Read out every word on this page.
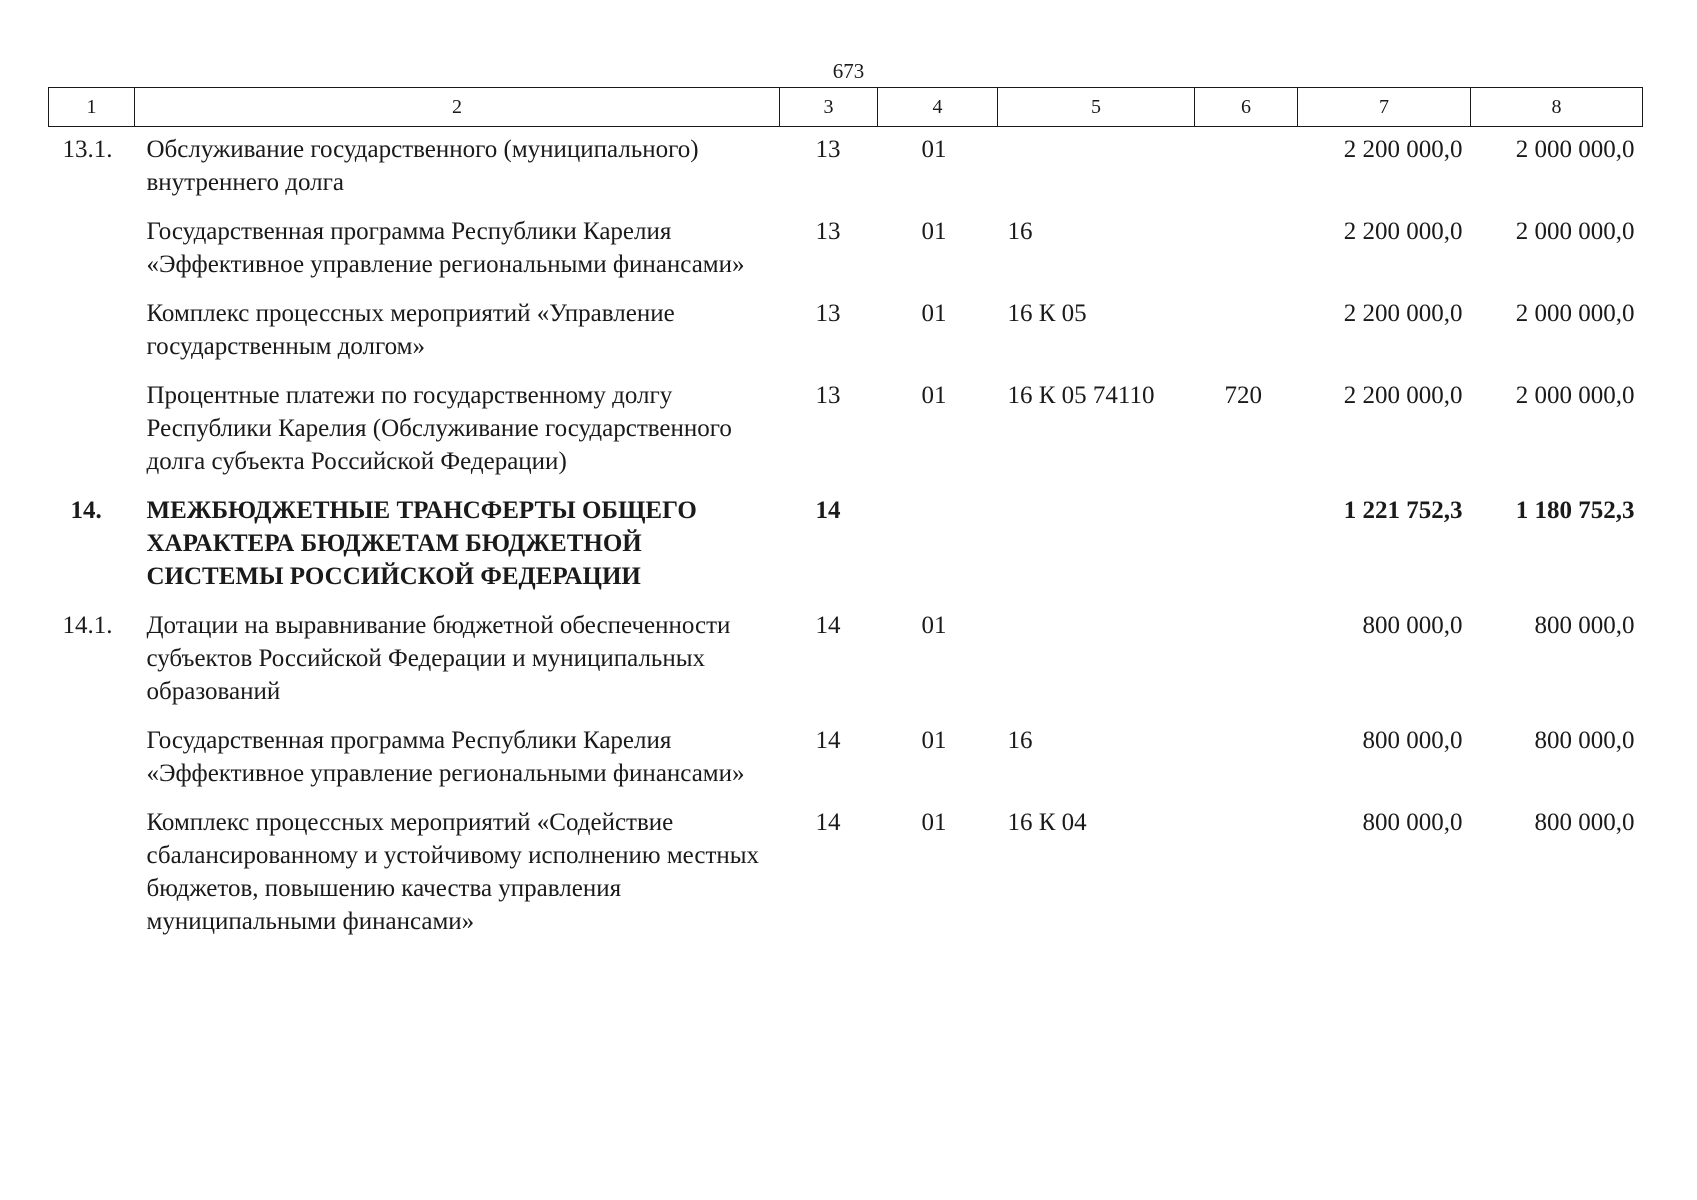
673
1	2	3	4	5	6	7	8
13.1.	Обслуживание государственного (муниципального) внутреннего долга	13	01			2 200 000,0	2 000 000,0
	Государственная программа Республики Карелия «Эффективное управление региональными финансами»	13	01	16		2 200 000,0	2 000 000,0
	Комплекс процессных мероприятий «Управление государственным долгом»	13	01	16 К 05		2 200 000,0	2 000 000,0
	Процентные платежи по государственному долгу Республики Карелия (Обслуживание государственного долга субъекта Российской Федерации)	13	01	16 К 05 74110	720	2 200 000,0	2 000 000,0
14.	МЕЖБЮДЖЕТНЫЕ ТРАНСФЕРТЫ ОБЩЕГО ХАРАКТЕРА БЮДЖЕТАМ БЮДЖЕТНОЙ СИСТЕМЫ РОССИЙСКОЙ ФЕДЕРАЦИИ	14				1 221 752,3	1 180 752,3
14.1.	Дотации на выравнивание бюджетной обеспеченности субъектов Российской Федерации и муниципальных образований	14	01			800 000,0	800 000,0
	Государственная программа Республики Карелия «Эффективное управление региональными финансами»	14	01	16		800 000,0	800 000,0
	Комплекс процессных мероприятий «Содействие сбалансированному и устойчивому исполнению местных бюджетов, повышению качества управления муниципальными финансами»	14	01	16 К 04		800 000,0	800 000,0
